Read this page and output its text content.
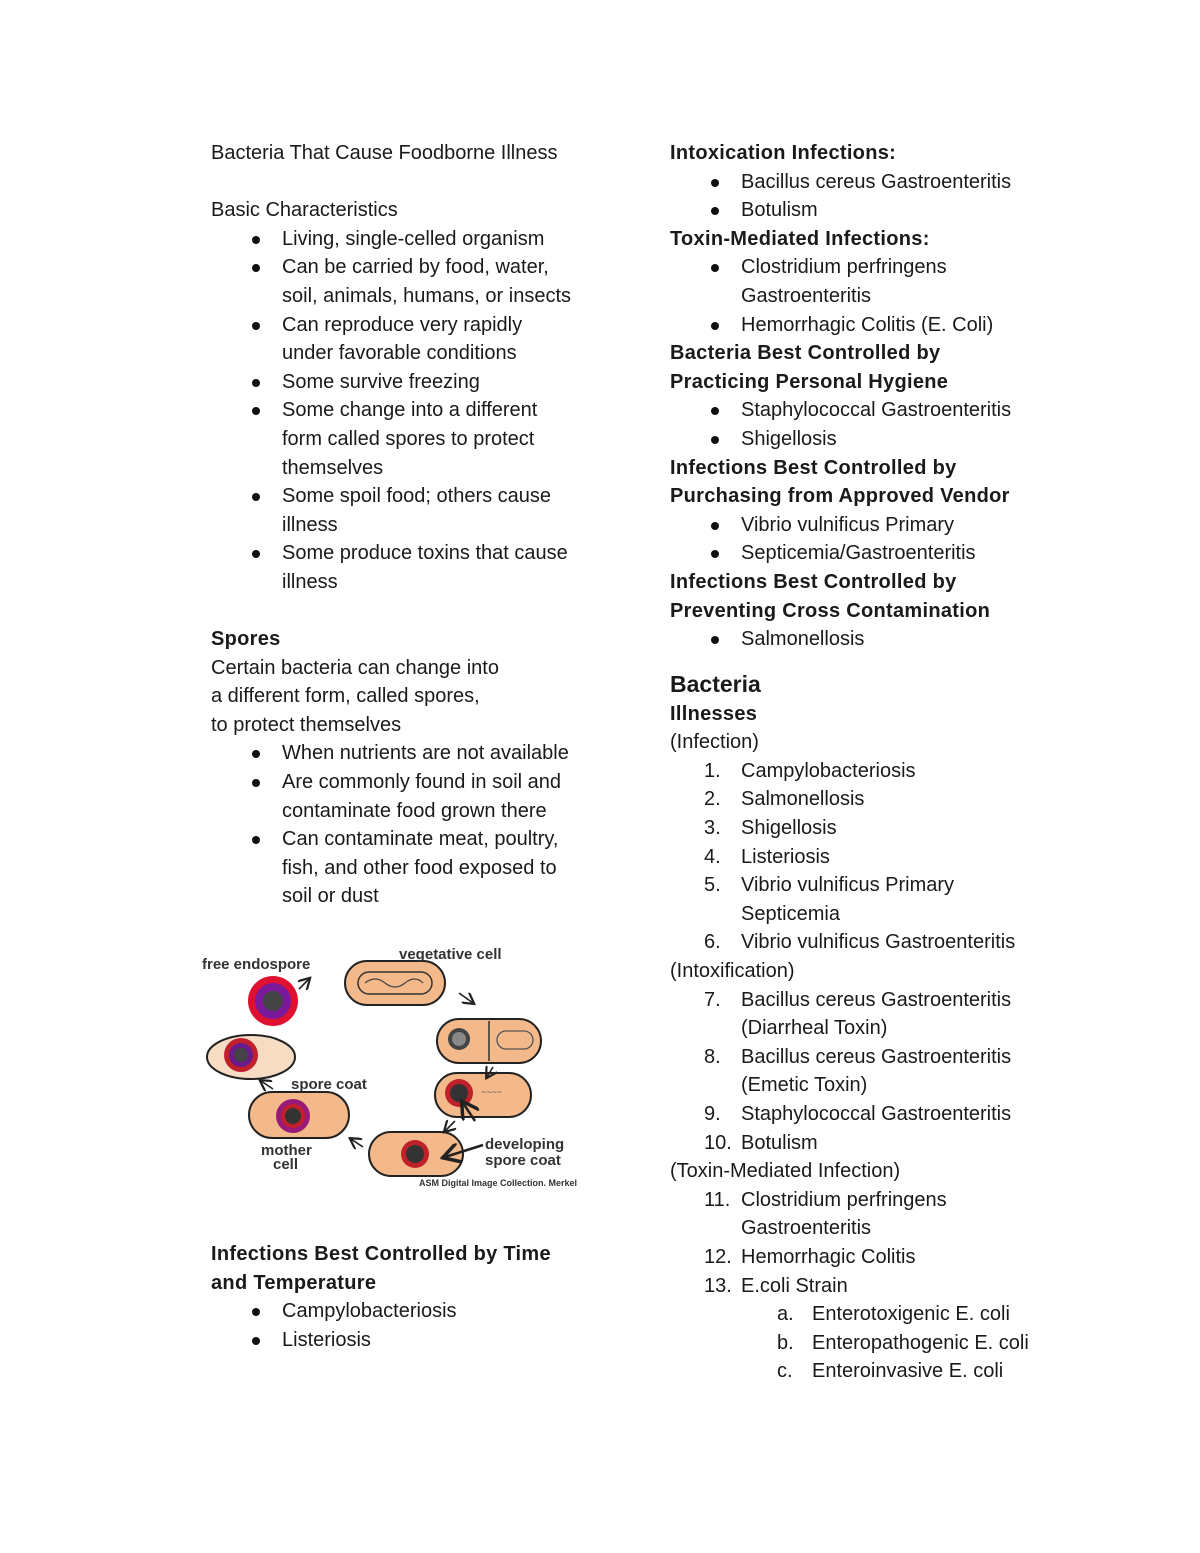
Bacteria That Cause Foodborne Illness
Basic Characteristics
Living, single-celled organism
Can be carried by food, water,
soil, animals, humans, or insects
Can reproduce very rapidly
under favorable conditions
Some survive freezing
Some change into a different
form called spores to protect
themselves
Some spoil food; others cause
illness
Some produce toxins that cause
illness
Spores
Certain bacteria can change into
a different form, called spores,
to protect themselves
When nutrients are not available
Are commonly found in soil and
contaminate food grown there
Can contaminate meat, poultry,
fish, and other food exposed to
soil or dust
~~~~
free endospore
vegetative cell
spore coat
mother
cell
developing
spore coat
ASM Digital Image Collection. Merkel
Infections Best Controlled by Time
and Temperature
Campylobacteriosis
Listeriosis
Intoxication Infections:
Bacillus cereus Gastroenteritis
Botulism
Toxin-Mediated Infections:
Clostridium perfringens
Gastroenteritis
Hemorrhagic Colitis (E. Coli)
Bacteria Best Controlled by
Practicing Personal Hygiene
Staphylococcal Gastroenteritis
Shigellosis
Infections Best Controlled by
Purchasing from Approved Vendor
Vibrio vulnificus Primary
Septicemia/Gastroenteritis
Infections Best Controlled by
Preventing Cross Contamination
Salmonellosis
Bacteria
Illnesses
(Infection)
1. Campylobacteriosis
2. Salmonellosis
3. Shigellosis
4. Listeriosis
5. Vibrio vulnificus Primary
Septicemia
6. Vibrio vulnificus Gastroenteritis
(Intoxification)
7. Bacillus cereus Gastroenteritis
(Diarrheal Toxin)
8. Bacillus cereus Gastroenteritis
(Emetic Toxin)
9. Staphylococcal Gastroenteritis
10. Botulism
(Toxin-Mediated Infection)
11. Clostridium perfringens
Gastroenteritis
12. Hemorrhagic Colitis
13. E.coli Strain
a. Enterotoxigenic E. coli
b. Enteropathogenic E. coli
c. Enteroinvasive E. coli
